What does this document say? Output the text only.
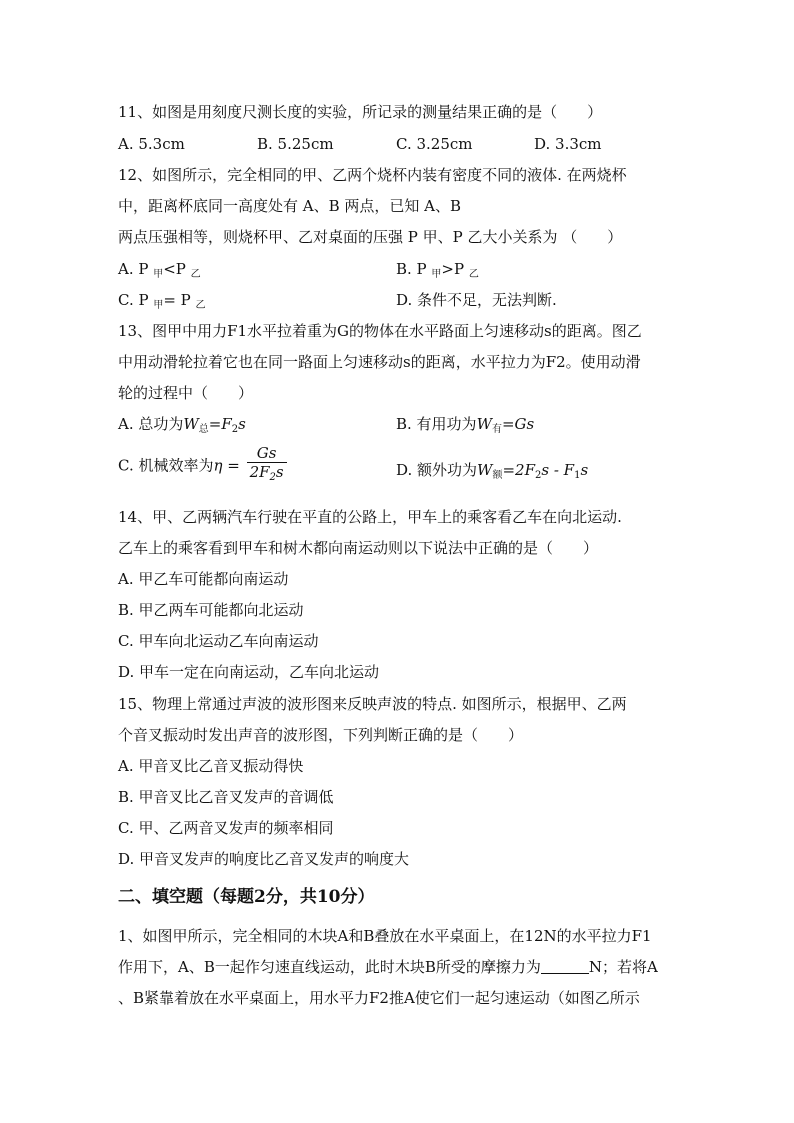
11、如图是用刻度尺测长度的实验，所记录的测量结果正确的是（　　）
A. 5.3cm	B. 5.25cm	C. 3.25cm	D. 3.3cm
12、如图所示，完全相同的甲、乙两个烧杯内装有密度不同的液体. 在两烧杯
中，距离杯底同一高度处有 A、B 两点，已知 A、B
两点压强相等，则烧杯甲、乙对桌面的压强 P 甲、P 乙大小关系为 （　　）
A. P $_甲$<P $_乙$	B. P $_甲$>P $_乙$
C. P $_甲$= P $_乙$	D. 条件不足，无法判断.
13、图甲中用力F1水平拉着重为G的物体在水平路面上匀速移动s的距离。图乙
中用动滑轮拉着它也在同一路面上匀速移动s的距离，水平拉力为F2。使用动滑
轮的过程中（　　）
A. 总功为$W_总=F_2s$	B. 有用功为$W_有=Gs$
C. 机械效率为$\eta = \frac{Gs}{2F_2s}$	D. 额外功为$W_额=2F_2s - F_1s$
14、甲、乙两辆汽车行驶在平直的公路上，甲车上的乘客看乙车在向北运动.
乙车上的乘客看到甲车和树木都向南运动则以下说法中正确的是（　　）
A. 甲乙车可能都向南运动
B. 甲乙两车可能都向北运动
C. 甲车向北运动乙车向南运动
D. 甲车一定在向南运动，乙车向北运动
15、物理上常通过声波的波形图来反映声波的特点. 如图所示，根据甲、乙两
个音叉振动时发出声音的波形图，下列判断正确的是（　　）
A. 甲音叉比乙音叉振动得快
B. 甲音叉比乙音叉发声的音调低
C. 甲、乙两音叉发声的频率相同
D. 甲音叉发声的响度比乙音叉发声的响度大
二、填空题（每题2分，共10分）
1、如图甲所示，完全相同的木块A和B叠放在水平桌面上，在12N的水平拉力F1
作用下，A、B一起作匀速直线运动，此时木块B所受的摩擦力为	N；若将A
、B紧靠着放在水平桌面上，用水平力F2推A使它们一起匀速运动（如图乙所示
